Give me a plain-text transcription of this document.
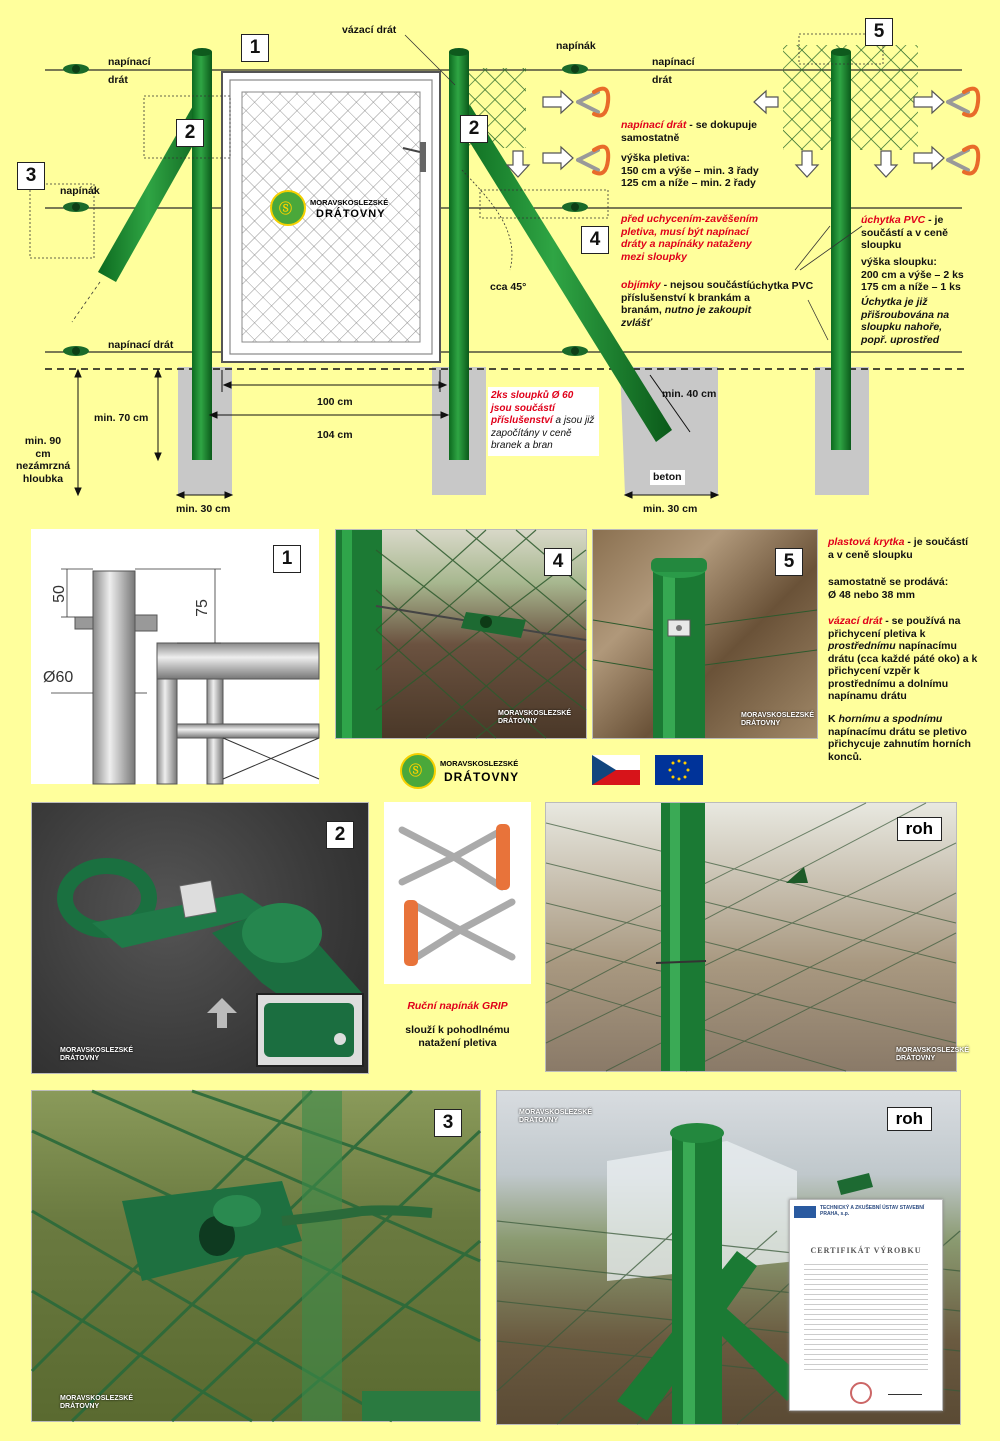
vázací drát
napínací
drát
napínák
napínák
napínací
drát
napínací drát
cca 45°	úchytka PVC
min. 40 cm
beton
min. 30 cm	min. 30 cm
100 cm
104 cm
min. 70 cm
min. 90 cm
nezámrzná
hloubka
Ⓢ MORAVSKOSLEZSKÉ
DRÁTOVNY
1
2	2
3
4
5
napínací drát - se dokupuje samostatně
výška pletiva:
150 cm a výše – min. 3 řady
125 cm a níže – min. 2 řady
před uchycením-zavěšením pletiva, musí být napínací dráty a napínáky nataženy mezi sloupky
objímky - nejsou součástí příslušenství k brankám a branám, nutno je zakoupit zvlášť
úchytka PVC - je součástí a v ceně sloupku
výška sloupku:
200 cm a výše – 2 ks
175 cm a níže – 1 ks
Úchytka je již přišroubována na sloupku nahoře, popř. uprostřed
2ks sloupků Ø 60 jsou součástí příslušenství a jsou již započítány v ceně branek a bran
1
50
75
Ø60
4
MORAVSKOSLEZSKÉ
DRÁTOVNY
5
MORAVSKOSLEZSKÉ
DRÁTOVNY
plastová krytka - je součástí a v ceně sloupku
samostatně se prodává:
Ø 48 nebo 38 mm
vázací drát - se používá na přichycení pletiva k prostřednímu napínacímu drátu (cca každé páté oko) a k přichycení vzpěr k prostřednímu a dolnímu napínamu drátu
K hornímu a spodnímu napínacímu drátu se pletivo přichycuje zahnutím horních konců.
Ⓢ
MORAVSKOSLEZSKÉ
DRÁTOVNY
2
MORAVSKOSLEZSKÉ
DRÁTOVNY
Ruční napínák GRIP
slouží k pohodlnému natažení pletiva
roh
MORAVSKOSLEZSKÉ
DRÁTOVNY
3
MORAVSKOSLEZSKÉ
DRÁTOVNY
roh
MORAVSKOSLEZSKÉ
DRÁTOVNY
TECHNICKÝ A ZKUŠEBNÍ ÚSTAV STAVEBNÍ PRAHA, s.p.
CERTIFIKÁT VÝROBKU
